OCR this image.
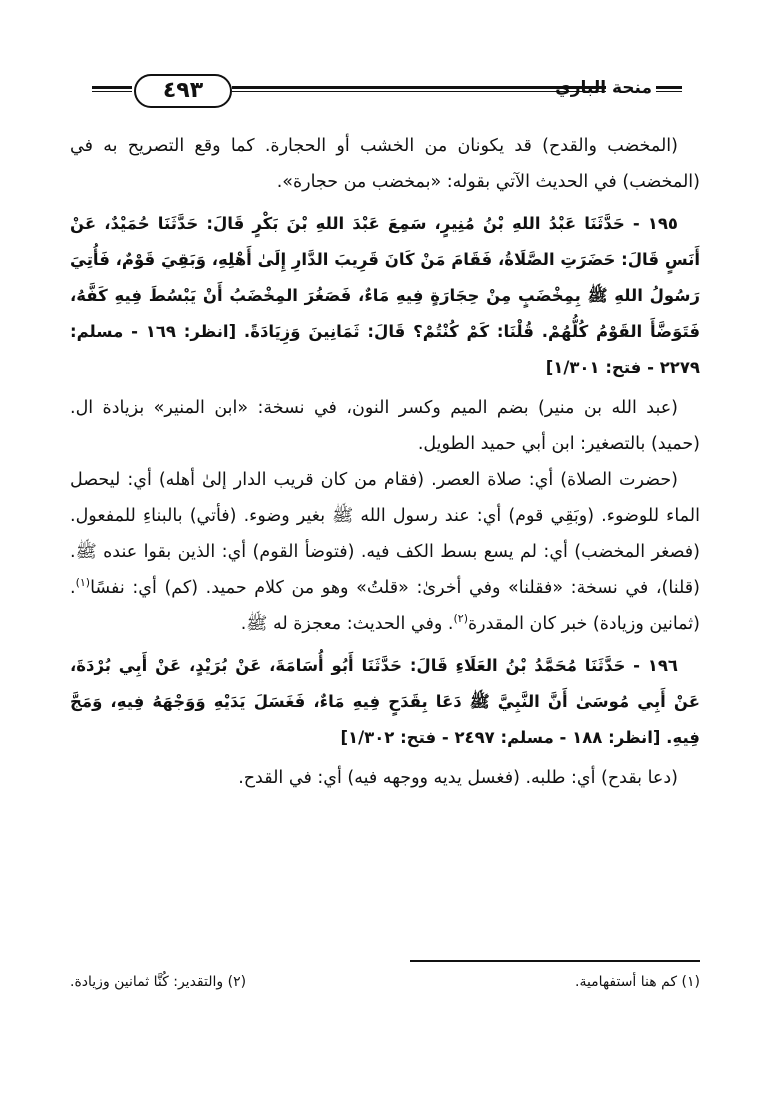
٤٩٣	منحة الباري

(المخضب والقدح) قد يكونان من الخشب أو الحجارة. كما وقع التصريح به في (المخضب) في الحديث الآتي بقوله: «بمخضب من حجارة».

١٩٥ - حَدَّثَنَا عَبْدُ اللهِ بْنُ مُنِيرٍ، سَمِعَ عَبْدَ اللهِ بْنَ بَكْرٍ قَالَ: حَدَّثَنَا حُمَيْدٌ، عَنْ أَنَسٍ قَالَ: حَضَرَتِ الصَّلَاةُ، فَقَامَ مَنْ كَانَ قَرِيبَ الدَّارِ إِلَىٰ أَهْلِهِ، وَبَقِيَ قَوْمٌ، فَأُتِيَ رَسُولُ اللهِ ﷺ بِمِخْضَبٍ مِنْ حِجَارَةٍ فِيهِ مَاءٌ، فَصَغُرَ المِخْضَبُ أَنْ يَبْسُطَ فِيهِ كَفَّهُ، فَتَوَضَّأَ القَوْمُ كُلُّهُمْ. قُلْنَا: كَمْ كُنْتُمْ؟ قَالَ: ثَمَانِينَ وَزِيَادَةً. [انظر: ١٦٩ - مسلم: ٢٢٧٩ - فتح: ١/٣٠١]

(عبد الله بن منير) بضم الميم وكسر النون، في نسخة: «ابن المنير» بزيادة ال. (حميد) بالتصغير: ابن أبي حميد الطويل.

(حضرت الصلاة) أي: صلاة العصر. (فقام من كان قريب الدار إلىٰ أهله) أي: ليحصل الماء للوضوء. (وبَقِي قوم) أي: عند رسول الله ﷺ بغير وضوء. (فأتي) بالبناءِ للمفعول. (فصغر المخضب) أي: لم يسع بسط الكف فيه. (فتوضأ القوم) أي: الذين بقوا عنده ﷺ. (قلنا)، في نسخة: «فقلنا» وفي أخرىٰ: «قلتُ» وهو من كلام حميد. (كم) أي: نفسًا$^{(١)}$. (ثمانين وزيادة) خبر كان المقدرة$^{(٢)}$. وفي الحديث: معجزة له ﷺ.

١٩٦ - حَدَّثَنَا مُحَمَّدُ بْنُ العَلَاءِ قَالَ: حَدَّثَنَا أَبُو أُسَامَةَ، عَنْ بُرَيْدٍ، عَنْ أَبِي بُرْدَةَ، عَنْ أَبِي مُوسَىٰ أَنَّ النَّبِيَّ ﷺ دَعَا بِقَدَحٍ فِيهِ مَاءٌ، فَغَسَلَ يَدَيْهِ وَوَجْهَهُ فِيهِ، وَمَجَّ فِيهِ. [انظر: ١٨٨ - مسلم: ٢٤٩٧ - فتح: ١/٣٠٢]

(دعا بقدح) أي: طلبه. (فغسل يديه ووجهه فيه) أي: في القدح.

(١) كم هنا أستفهامية.
(٢) والتقدير: كُنَّا ثمانين وزيادة.
